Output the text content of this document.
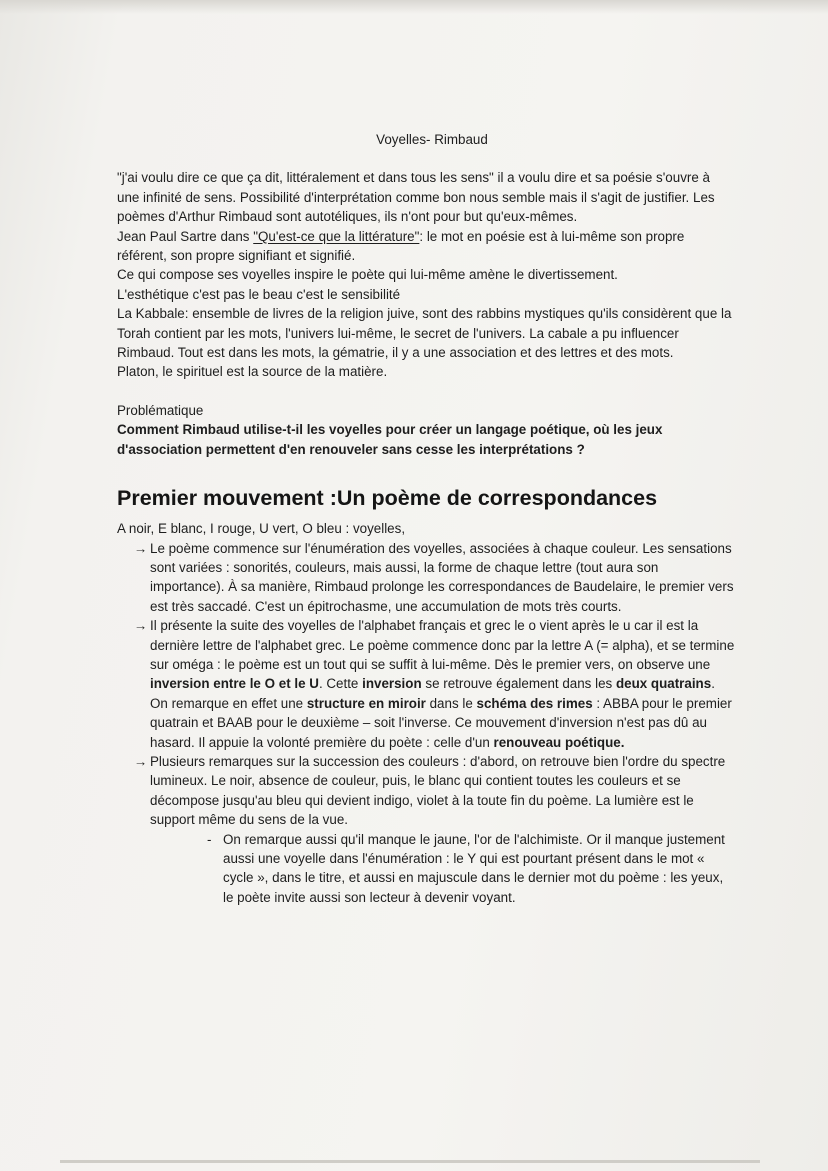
Voyelles- Rimbaud

"j'ai voulu dire ce que ça dit, littéralement et dans tous les sens" il a voulu dire et sa poésie s'ouvre à une infinité de sens. Possibilité d'interprétation comme bon nous semble mais il s'agit de justifier. Les poèmes d'Arthur Rimbaud sont autotéliques, ils n'ont pour but qu'eux-mêmes.

Jean Paul Sartre dans "Qu'est-ce que la littérature": le mot en poésie est à lui-même son propre référent, son propre signifiant et signifié.

Ce qui compose ses voyelles inspire le poète qui lui-même amène le divertissement.

L'esthétique c'est pas le beau c'est le sensibilité

La Kabbale: ensemble de livres de la religion juive, sont des rabbins mystiques qu'ils considèrent que la Torah contient par les mots, l'univers lui-même, le secret de l'univers. La cabale a pu influencer Rimbaud. Tout est dans les mots, la gématrie, il y a une association et des lettres et des mots.

Platon, le spirituel est la source de la matière.

Problématique

Comment Rimbaud utilise-t-il les voyelles pour créer un langage poétique, où les jeux d'association permettent d'en renouveler sans cesse les interprétations ?

Premier mouvement :Un poème de correspondances

A noir, E blanc, I rouge, U vert, O bleu : voyelles,

→ Le poème commence sur l'énumération des voyelles, associées à chaque couleur. Les sensations sont variées : sonorités, couleurs, mais aussi, la forme de chaque lettre (tout aura son importance). À sa manière, Rimbaud prolonge les correspondances de Baudelaire, le premier vers est très saccadé. C'est un épitrochasme, une accumulation de mots très courts.

→ Il présente la suite des voyelles de l'alphabet français et grec le o vient après le u car il est la dernière lettre de l'alphabet grec. Le poème commence donc par la lettre A (= alpha), et se termine sur oméga : le poème est un tout qui se suffit à lui-même. Dès le premier vers, on observe une inversion entre le O et le U. Cette inversion se retrouve également dans les deux quatrains. On remarque en effet une structure en miroir dans le schéma des rimes : ABBA pour le premier quatrain et BAAB pour le deuxième – soit l'inverse. Ce mouvement d'inversion n'est pas dû au hasard. Il appuie la volonté première du poète : celle d'un renouveau poétique.

→ Plusieurs remarques sur la succession des couleurs : d'abord, on retrouve bien l'ordre du spectre lumineux. Le noir, absence de couleur, puis, le blanc qui contient toutes les couleurs et se décompose jusqu'au bleu qui devient indigo, violet à la toute fin du poème. La lumière est le support même du sens de la vue.

- On remarque aussi qu'il manque le jaune, l'or de l'alchimiste. Or il manque justement aussi une voyelle dans l'énumération : le Y qui est pourtant présent dans le mot « cycle », dans le titre, et aussi en majuscule dans le dernier mot du poème : les yeux, le poète invite aussi son lecteur à devenir voyant.
